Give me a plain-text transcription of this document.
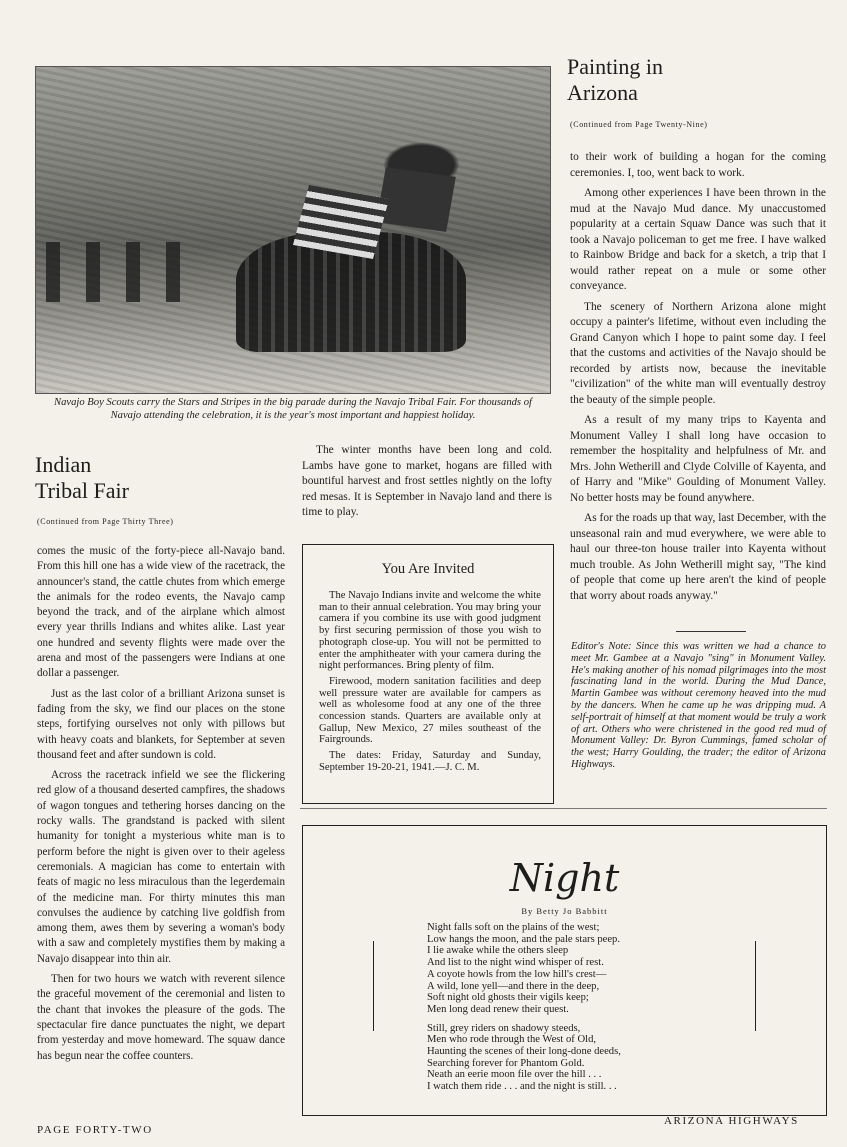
Navajo Boy Scouts carry the Stars and Stripes in the big parade during the Navajo Tribal Fair. For thousands of Navajo attending the celebration, it is the year's most important and happiest holiday.
Painting in
Arizona
(Continued from Page Twenty-Nine)

to their work of building a hogan for the coming ceremonies. I, too, went back to work.

Among other experiences I have been thrown in the mud at the Navajo Mud dance. My unaccustomed popularity at a certain Squaw Dance was such that it took a Navajo policeman to get me free. I have walked to Rainbow Bridge and back for a sketch, a trip that I would rather repeat on a mule or some other conveyance.

The scenery of Northern Arizona alone might occupy a painter's lifetime, without even including the Grand Canyon which I hope to paint some day. I feel that the customs and activities of the Navajo should be recorded by artists now, because the inevitable "civilization" of the white man will eventually destroy the beauty of the simple people.

As a result of my many trips to Kayenta and Monument Valley I shall long have occasion to remember the hospitality and helpfulness of Mr. and Mrs. John Wetherill and Clyde Colville of Kayenta, and of Harry and "Mike" Goulding of Monument Valley. No better hosts may be found anywhere.

As for the roads up that way, last December, with the unseasonal rain and mud everywhere, we were able to haul our three-ton house trailer into Kayenta without much trouble. As John Wetherill might say, "The kind of people that come up here aren't the kind of people that worry about roads anyway."

Editor's Note: Since this was written we had a chance to meet Mr. Gambee at a Navajo "sing" in Monument Valley. He's making another of his nomad pilgrimages into the most fascinating land in the world. During the Mud Dance, Martin Gambee was without ceremony heaved into the mud by the dancers. When he came up he was dripping mud. A self-portrait of himself at that moment would be truly a work of art. Others who were christened in the good red mud of Monument Valley: Dr. Byron Cummings, famed scholar of the west; Harry Goulding, the trader; the editor of Arizona Highways.
Indian
Tribal Fair
(Continued from Page Thirty Three)

The winter months have been long and cold. Lambs have gone to market, hogans are filled with bountiful harvest and frost settles nightly on the lofty red mesas. It is September in Navajo land and there is time to play.

comes the music of the forty-piece all-Navajo band. From this hill one has a wide view of the racetrack, the announcer's stand, the cattle chutes from which emerge the animals for the rodeo events, the Navajo camp beyond the track, and of the airplane which almost every year thrills Indians and whites alike. Last year one hundred and seventy flights were made over the arena and most of the passengers were Indians at one dollar a passenger.

Just as the last color of a brilliant Arizona sunset is fading from the sky, we find our places on the stone steps, fortifying ourselves not only with pillows but with heavy coats and blankets, for September at seven thousand feet and after sundown is cold.

Across the racetrack infield we see the flickering red glow of a thousand deserted campfires, the shadows of wagon tongues and tethering horses dancing on the rocky walls. The grandstand is packed with silent humanity for tonight a mysterious white man is to perform before the night is given over to their ageless ceremonials. A magician has come to entertain with feats of magic no less miraculous than the legerdemain of the medicine man. For thirty minutes this man convulses the audience by catching live goldfish from among them, awes them by severing a woman's body with a saw and completely mystifies them by making a Navajo disappear into thin air.

Then for two hours we watch with reverent silence the graceful movement of the ceremonial and listen to the chant that invokes the pleasure of the gods. The spectacular fire dance punctuates the night, we depart from yesterday and move homeward. The squaw dance has begun near the coffee counters.

You Are Invited

The Navajo Indians invite and welcome the white man to their annual celebration. You may bring your camera if you combine its use with good judgment by first securing permission of those you wish to photograph close-up. You will not be permitted to enter the amphitheater with your camera during the night performances. Bring plenty of film.

Firewood, modern sanitation facilities and deep well pressure water are available for campers as well as wholesome food at any one of the three concession stands. Quarters are available only at Gallup, New Mexico, 27 miles southeast of the Fairgrounds.

The dates: Friday, Saturday and Sunday, September 19-20-21, 1941.—J. C. M.

Night
By Betty Jo Babbitt
Night falls soft on the plains of the west;
Low hangs the moon, and the pale stars peep.
I lie awake while the others sleep
And list to the night wind whisper of rest.
A coyote howls from the low hill's crest—
A wild, lone yell—and there in the deep,
Soft night old ghosts their vigils keep;
Men long dead renew their quest.
Still, grey riders on shadowy steeds,
Men who rode through the West of Old,
Haunting the scenes of their long-done deeds,
Searching forever for Phantom Gold.
Neath an eerie moon file over the hill . . .
I watch them ride . . . and the night is still. . .
PAGE FORTY-TWO
ARIZONA HIGHWAYS
